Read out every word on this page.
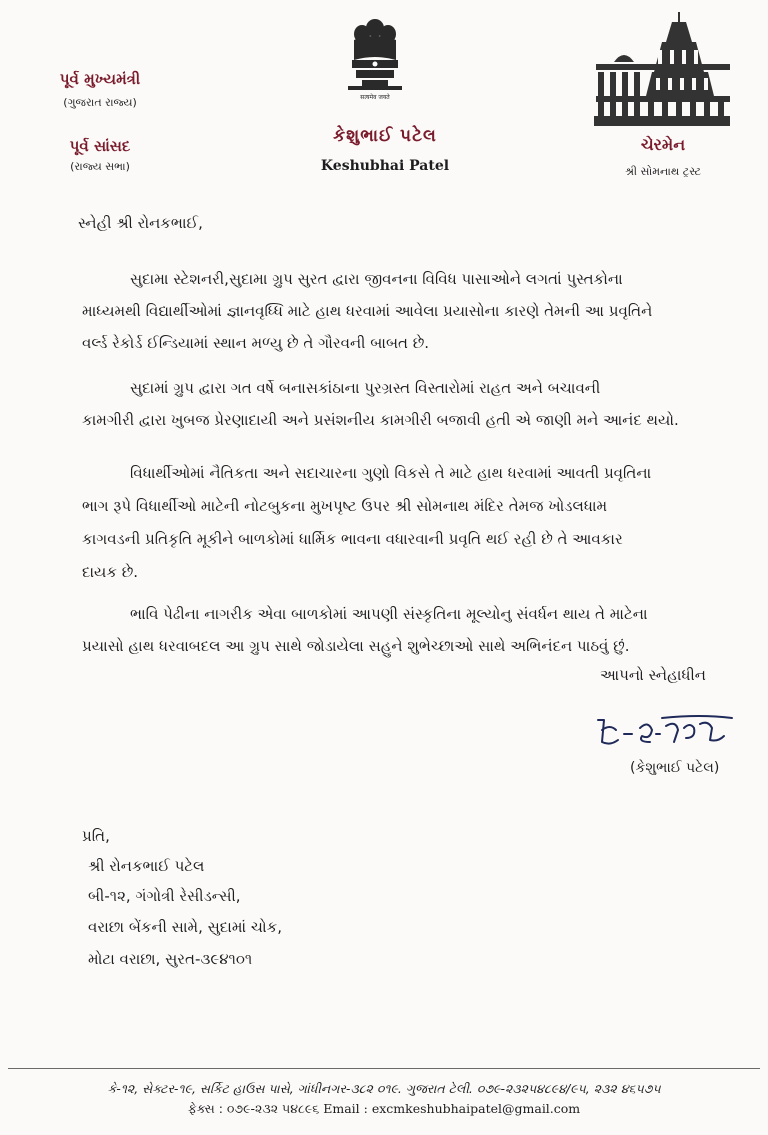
પૂર્વ મુખ્યમંત્રી
(ગુજરાત રાજ્ય)
પૂર્વ સાંસદ
(રાજ્ય સભા)
सत्यमेव जयते
કેશુભાઈ પટેલ
Keshubhai Patel
ચેરમેન
શ્રી સોમનાથ ટ્રસ્ટ
સ્નેહી શ્રી રોનકભાઈ,
સુદામા સ્ટેશનરી,સુદામા ગ્રુપ સુરત દ્વારા જીવનના વિવિધ પાસાઓને લગતાં પુસ્તકોના
માધ્યમથી વિદ્યાર્થીઓમાં જ્ઞાનવૃધ્ધિ માટે હાથ ધરવામાં આવેલા પ્રયાસોના કારણે તેમની આ પ્રવૃતિને
વર્લ્ડ રેકોર્ડ ઈન્ડિયામાં સ્થાન મળ્યુ છે તે ગૌરવની બાબત છે.
સુદામાં ગ્રુપ દ્વારા ગત વર્ષે બનાસકાંઠાના પુરગ્રસ્ત વિસ્તારોમાં રાહત અને બચાવની
કામગીરી દ્વારા ખુબજ પ્રેરણાદાયી અને પ્રસંશનીય કામગીરી બજાવી હતી એ જાણી મને આનંદ થયો.
વિધાર્થીઓમાં નૈતિકતા અને સદાચારના ગુણો વિકસે તે માટે હાથ ધરવામાં આવતી પ્રવૃતિના
ભાગ રૂપે વિધાર્થીઓ માટેની નોટબુકના મુખપૃષ્ટ ઉપર શ્રી સોમનાથ મંદિર તેમજ ખોડલધામ
કાગવડની પ્રતિકૃતિ મૂકીને બાળકોમાં ધાર્મિક ભાવના વધારવાની પ્રવૃતિ થઈ રહી છે તે આવકાર
દાયક છે.
ભાવિ પેઢીના નાગરીક એવા બાળકોમાં આપણી સંસ્કૃતિના મૂલ્યોનુ સંવર્ધન થાય તે માટેના
પ્રયાસો હાથ ધરવાબદલ આ ગ્રુપ સાથે જોડાયેલા સહુને શુભેચ્છાઓ સાથે અભિનંદન પાઠવું છું.
આપનો સ્નેહાધીન
(કેશુભાઈ પટેલ)
પ્રતિ,
શ્રી રોનકભાઈ પટેલ
બી-૧૨, ગંગોત્રી રેસીડન્સી,
વરાછા બેંકની સામે, સુદામાં ચોક,
મોટા વરાછા, સુરત-૩૯૪૧૦૧
કે-૧૨, સેક્ટર-૧૯, સર્કિટ હાઉસ પાસે, ગાંધીનગર-૩૮૨ ૦૧૯. ગુજરાત ટેલી. ૦૭૯-૨૩૨૫૪૮૯૪/૯૫, ૨૩૨ ૪૬૫૭૫
ફેક્સ : ૦૭૯-૨૩૨ ૫૪૮૯૬ Email : excmkeshubhaipatel@gmail.com
